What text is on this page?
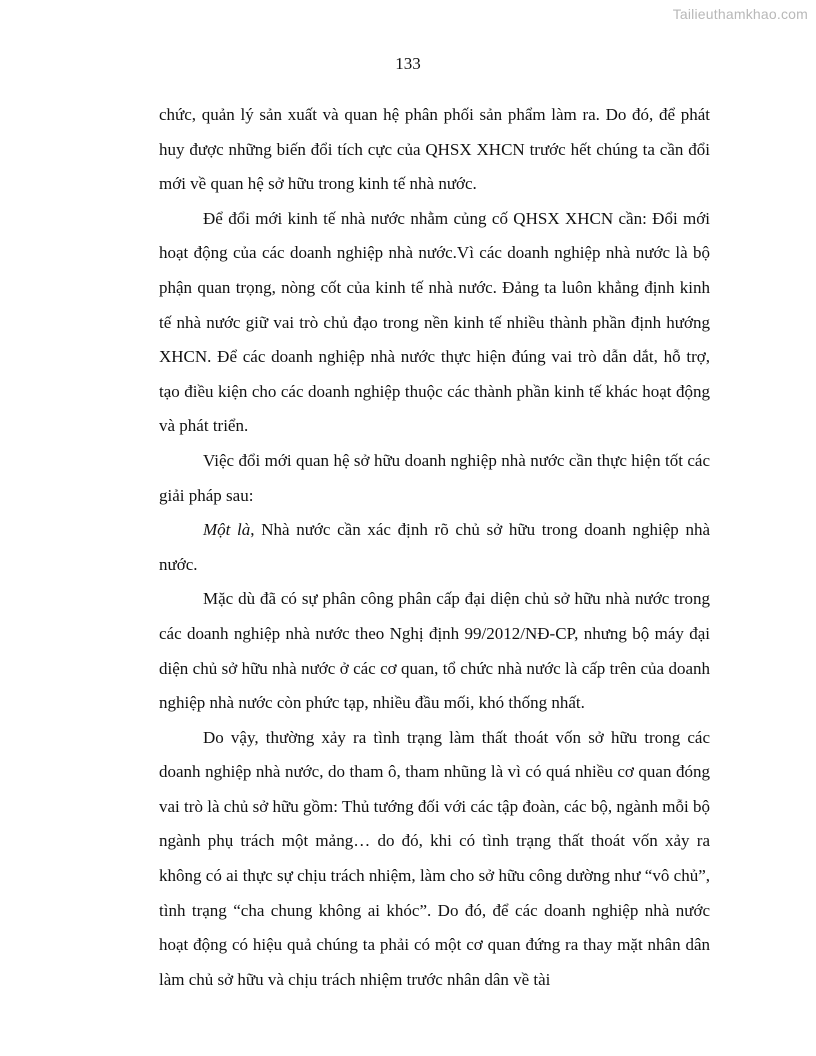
Tailieuthamkhao.com
133

chức, quản lý sản xuất và quan hệ phân phối sản phẩm làm ra. Do đó, để phát huy được những biến đổi tích cực của QHSX XHCN trước hết chúng ta cần đổi mới về quan hệ sở hữu trong kinh tế nhà nước.

Để đổi mới kinh tế nhà nước nhằm củng cố QHSX XHCN cần: Đổi mới hoạt động của các doanh nghiệp nhà nước.Vì các doanh nghiệp nhà nước là bộ phận quan trọng, nòng cốt của kinh tế nhà nước. Đảng ta luôn khẳng định kinh tế nhà nước giữ vai trò chủ đạo trong nền kinh tế nhiều thành phần định hướng XHCN. Để các doanh nghiệp nhà nước thực hiện đúng vai trò dẫn dắt, hỗ trợ, tạo điều kiện cho các doanh nghiệp thuộc các thành phần kinh tế khác hoạt động và phát triển.

Việc đổi mới quan hệ sở hữu doanh nghiệp nhà nước cần thực hiện tốt các giải pháp sau:

Một là, Nhà nước cần xác định rõ chủ sở hữu trong doanh nghiệp nhà nước.

Mặc dù đã có sự phân công phân cấp đại diện chủ sở hữu nhà nước trong các doanh nghiệp nhà nước theo Nghị định 99/2012/NĐ-CP, nhưng bộ máy đại diện chủ sở hữu nhà nước ở các cơ quan, tổ chức nhà nước là cấp trên của doanh nghiệp nhà nước còn phức tạp, nhiều đầu mối, khó thống nhất.

Do vậy, thường xảy ra tình trạng làm thất thoát vốn sở hữu trong các doanh nghiệp nhà nước, do tham ô, tham nhũng là vì có quá nhiều cơ quan đóng vai trò là chủ sở hữu gồm: Thủ tướng đối với các tập đoàn, các bộ, ngành mỗi bộ ngành phụ trách một mảng… do đó, khi có tình trạng thất thoát vốn xảy ra không có ai thực sự chịu trách nhiệm, làm cho sở hữu công dường như “vô chủ”, tình trạng “cha chung không ai khóc”. Do đó, để các doanh nghiệp nhà nước hoạt động có hiệu quả chúng ta phải có một cơ quan đứng ra thay mặt nhân dân làm chủ sở hữu và chịu trách nhiệm trước nhân dân về tài
